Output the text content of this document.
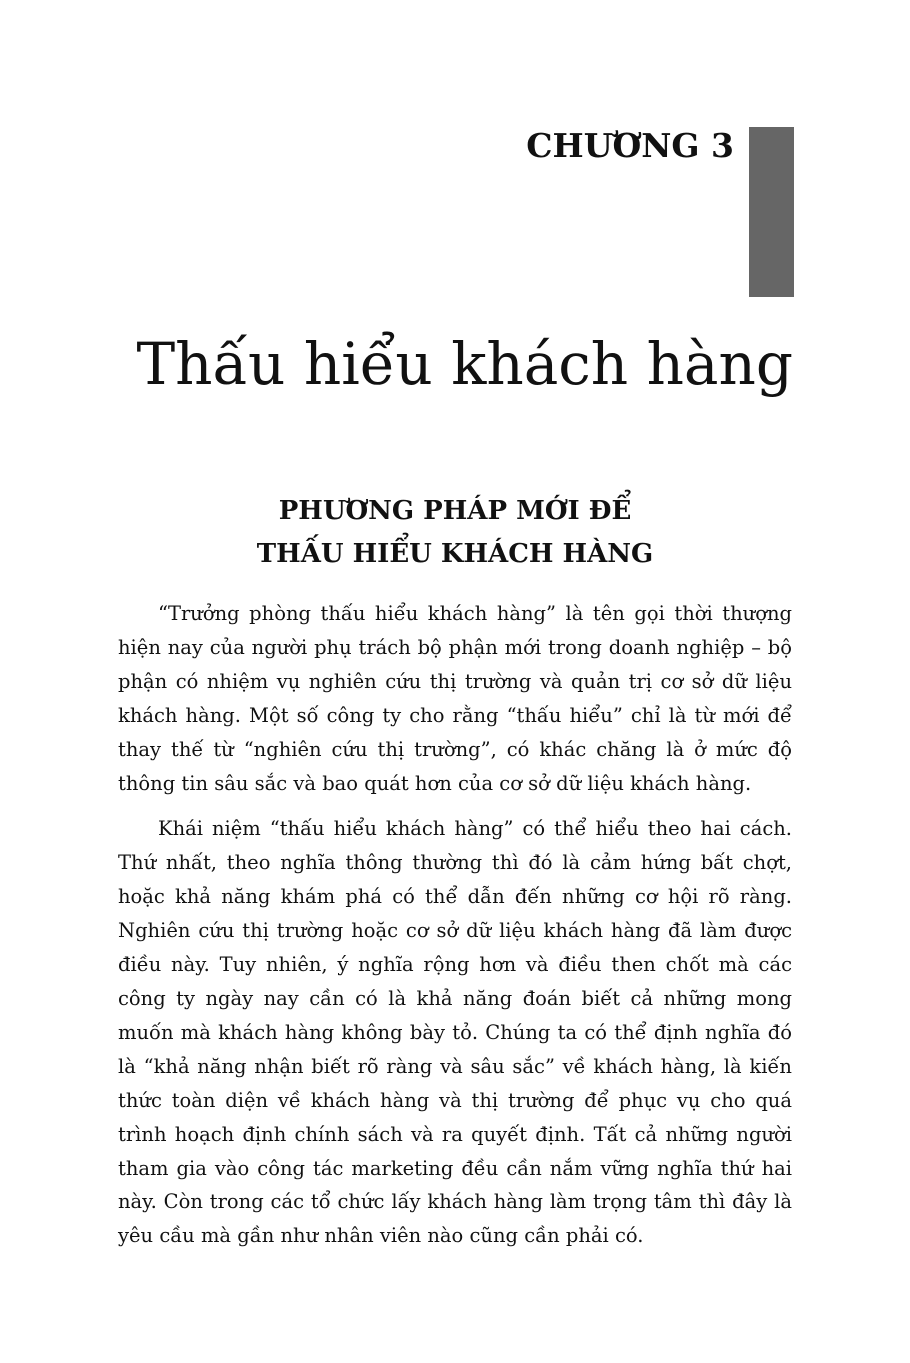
CHƯƠNG 3
Thấu hiểu khách hàng
PHƯƠNG PHÁP MỚI ĐỂ
THẤU HIỂU KHÁCH HÀNG

“Trưởng phòng thấu hiểu khách hàng” là tên gọi thời thượng hiện nay của người phụ trách bộ phận mới trong doanh nghiệp – bộ phận có nhiệm vụ nghiên cứu thị trường và quản trị cơ sở dữ liệu khách hàng. Một số công ty cho rằng “thấu hiểu” chỉ là từ mới để thay thế từ “nghiên cứu thị trường”, có khác chăng là ở mức độ thông tin sâu sắc và bao quát hơn của cơ sở dữ liệu khách hàng.

Khái niệm “thấu hiểu khách hàng” có thể hiểu theo hai cách. Thứ nhất, theo nghĩa thông thường thì đó là cảm hứng bất chợt, hoặc khả năng khám phá có thể dẫn đến những cơ hội rõ ràng. Nghiên cứu thị trường hoặc cơ sở dữ liệu khách hàng đã làm được điều này. Tuy nhiên, ý nghĩa rộng hơn và điều then chốt mà các công ty ngày nay cần có là khả năng đoán biết cả những mong muốn mà khách hàng không bày tỏ. Chúng ta có thể định nghĩa đó là “khả năng nhận biết rõ ràng và sâu sắc” về khách hàng, là kiến thức toàn diện về khách hàng và thị trường để phục vụ cho quá trình hoạch định chính sách và ra quyết định. Tất cả những người tham gia vào công tác marketing đều cần nắm vững nghĩa thứ hai này. Còn trong các tổ chức lấy khách hàng làm trọng tâm thì đây là yêu cầu mà gần như nhân viên nào cũng cần phải có.
